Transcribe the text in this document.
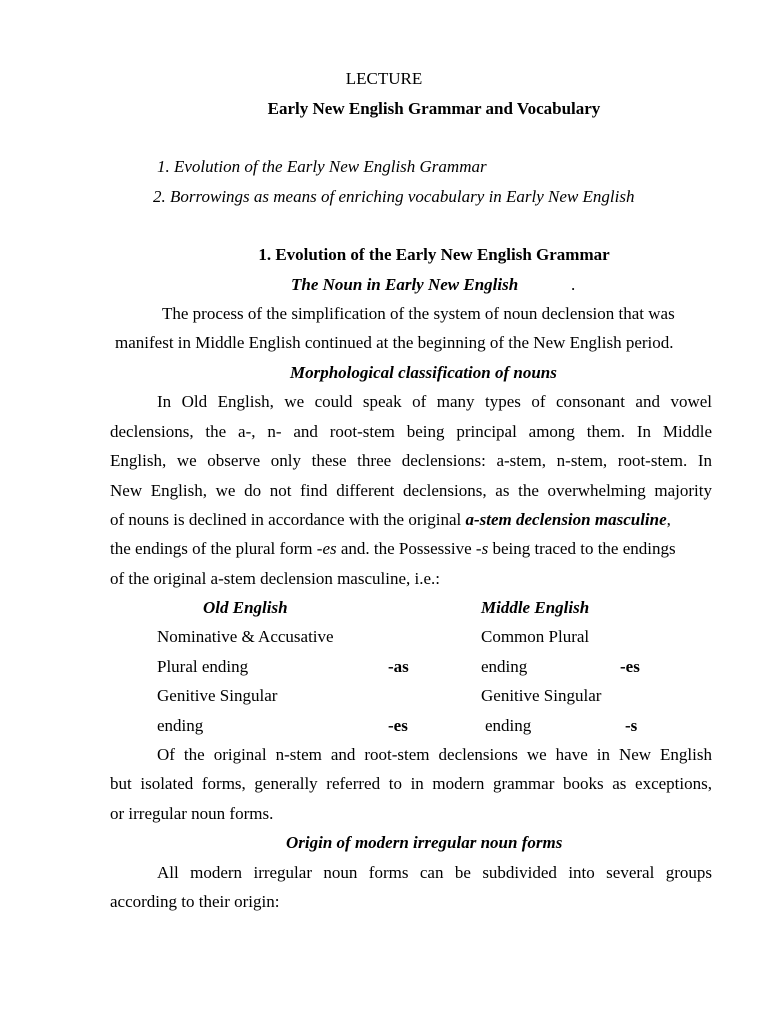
LECTURE
Early New English Grammar and Vocabulary
1. Evolution of the Early New English Grammar
2. Borrowings as means of enriching vocabulary in Early New English
1. Evolution of the Early New English Grammar
The Noun in Early New English	.
The process of the simplification of the system of noun declension that was
manifest in Middle English continued at the beginning of the New English period.
Morphological classification of nouns
In Old English, we could speak of many types of consonant and vowel
declensions, the a-, n- and root-stem being principal among them. In Middle
English, we observe only these three declensions: a-stem, n-stem, root-stem. In
New English, we do not find different declensions, as the overwhelming majority
of nouns is declined in accordance with the original a-stem declension masculine,
the endings of the plural form -es and. the Possessive -s being traced to the endings
of the original a-stem declension masculine, i.e.:
Old English	Middle English
Nominative & Accusative	Common Plural
Plural ending	-as	ending	-es
Genitive Singular	Genitive Singular
ending	-es	ending	-s
Of the original n-stem and root-stem declensions we have in New English
but isolated forms, generally referred to in modern grammar books as exceptions,
or irregular noun forms.
Origin of modern irregular noun forms
All modern irregular noun forms can be subdivided into several groups
according to their origin:
